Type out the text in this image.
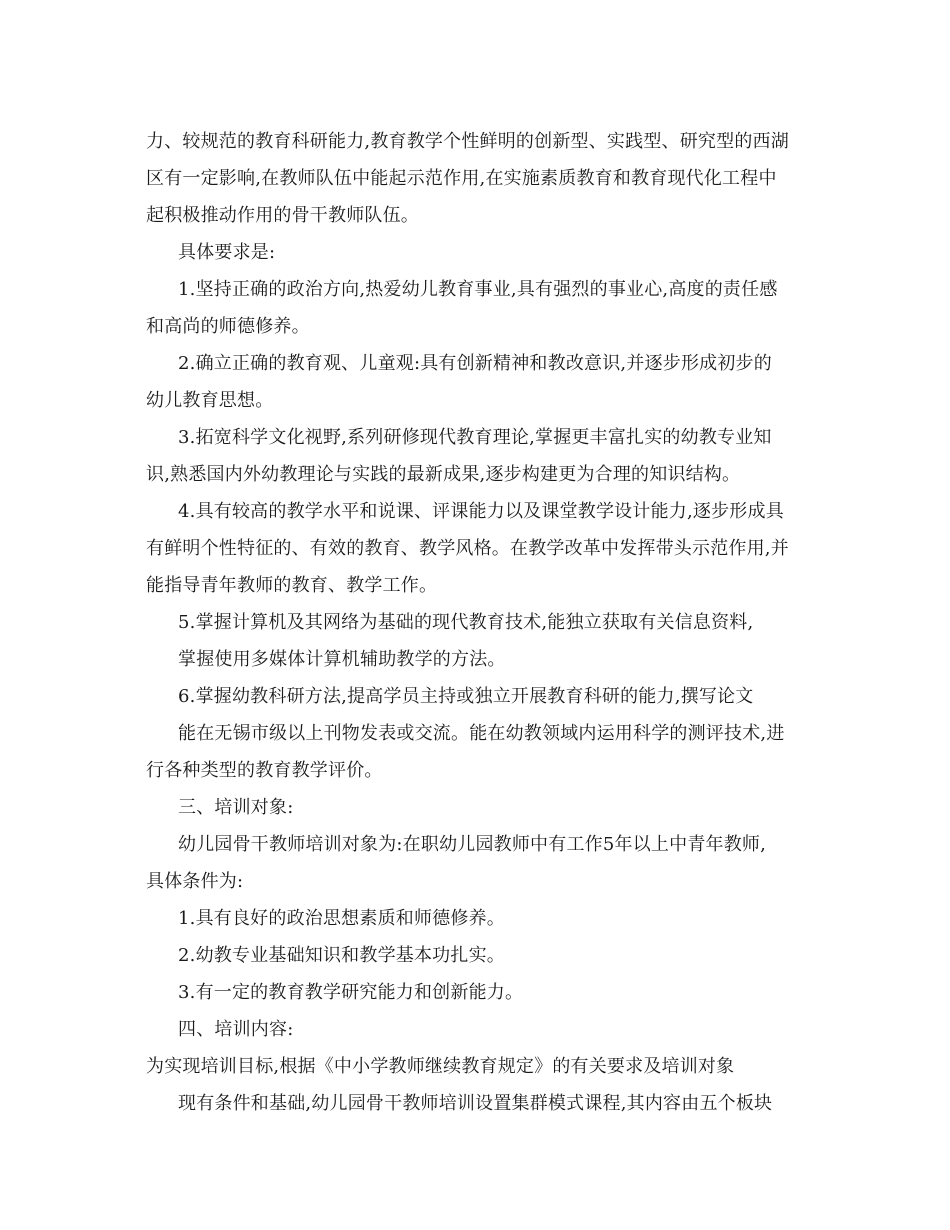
力、较规范的教育科研能力,教育教学个性鲜明的创新型、实践型、研究型的西湖
区有一定影响,在教师队伍中能起示范作用,在实施素质教育和教育现代化工程中
起积极推动作用的骨干教师队伍。
具体要求是:
1.坚持正确的政治方向,热爱幼儿教育事业,具有强烈的事业心,高度的责任感
和高尚的师德修养。
2.确立正确的教育观、儿童观:具有创新精神和教改意识,并逐步形成初步的
幼儿教育思想。
3.拓宽科学文化视野,系列研修现代教育理论,掌握更丰富扎实的幼教专业知
识,熟悉国内外幼教理论与实践的最新成果,逐步构建更为合理的知识结构。
4.具有较高的教学水平和说课、评课能力以及课堂教学设计能力,逐步形成具
有鲜明个性特征的、有效的教育、教学风格。在教学改革中发挥带头示范作用,并
能指导青年教师的教育、教学工作。
5.掌握计算机及其网络为基础的现代教育技术,能独立获取有关信息资料,
掌握使用多媒体计算机辅助教学的方法。
6.掌握幼教科研方法,提高学员主持或独立开展教育科研的能力,撰写论文
能在无锡市级以上刊物发表或交流。能在幼教领域内运用科学的测评技术,进
行各种类型的教育教学评价。
三、培训对象:
幼儿园骨干教师培训对象为:在职幼儿园教师中有工作5年以上中青年教师,
具体条件为:
1.具有良好的政治思想素质和师德修养。
2.幼教专业基础知识和教学基本功扎实。
3.有一定的教育教学研究能力和创新能力。
四、培训内容:
为实现培训目标,根据《中小学教师继续教育规定》的有关要求及培训对象
现有条件和基础,幼儿园骨干教师培训设置集群模式课程,其内容由五个板块
